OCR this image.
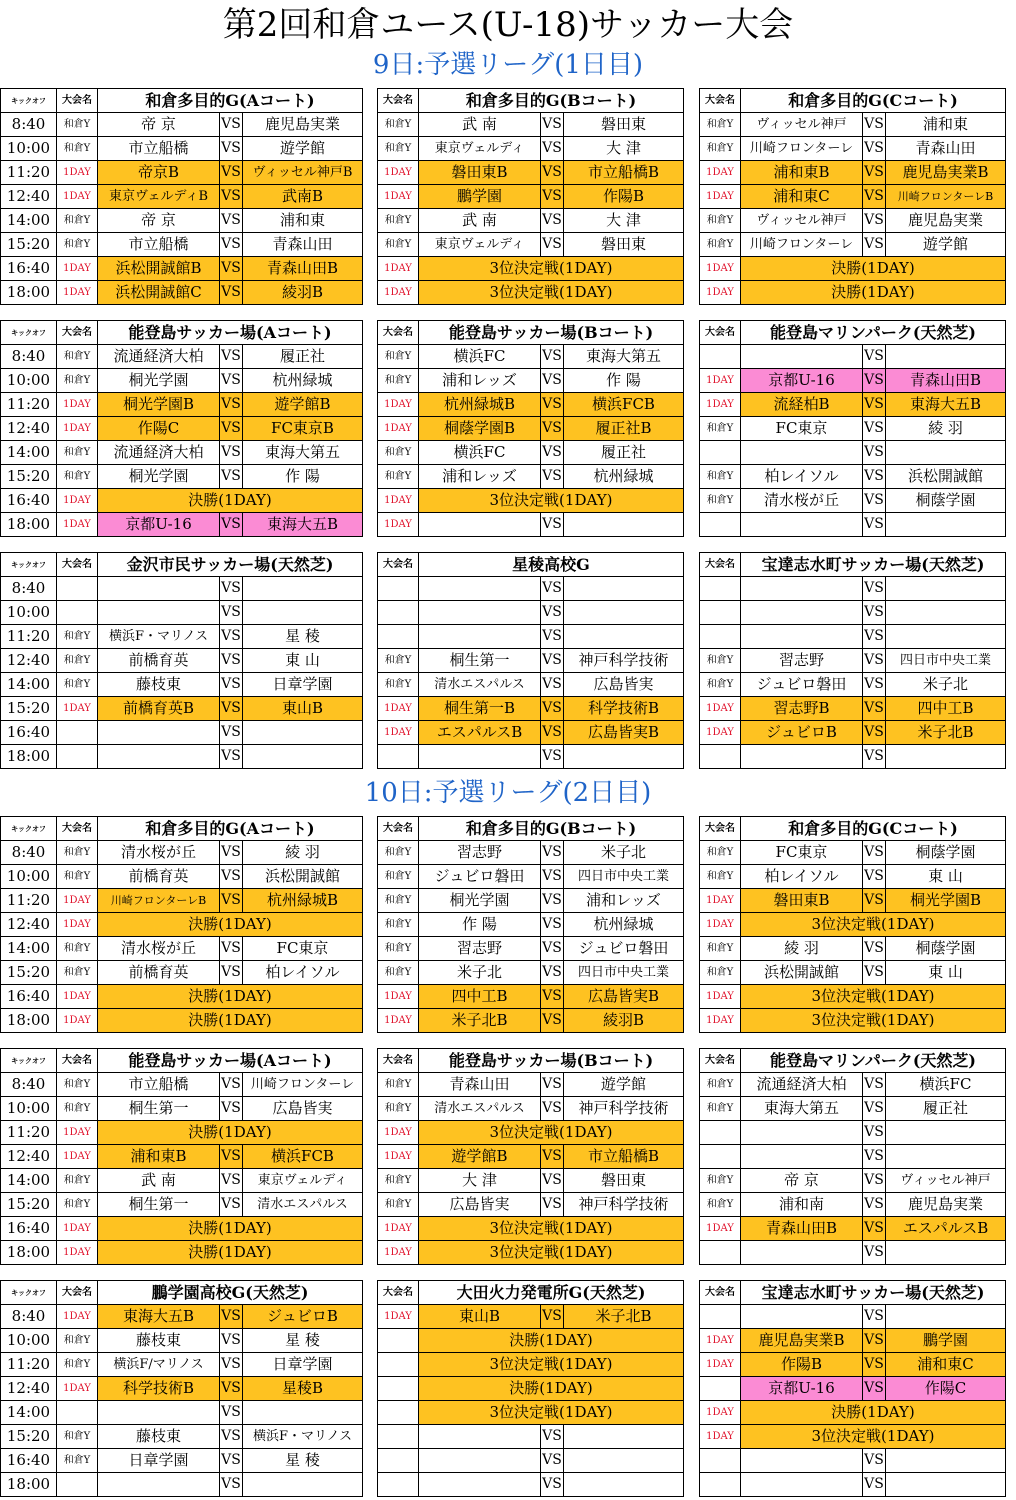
第2回和倉ユース(U-18)サッカー大会
9日:予選リーグ(1日目)
10日:予選リーグ(2日目)
キックオフ	大会名	和倉多目的G(Aコート)		
8:40	和倉Y	帝 京	VS	鹿児島実業
10:00	和倉Y	市立船橋	VS	遊学館
11:20	1DAY	帝京B	VS	ヴィッセル神戸B
12:40	1DAY	東京ヴェルディB	VS	武南B
14:00	和倉Y	帝 京	VS	浦和東
15:20	和倉Y	市立船橋	VS	青森山田
16:40	1DAY	浜松開誠館B	VS	青森山田B
18:00	1DAY	浜松開誠館C	VS	綾羽B
大会名	和倉多目的G(Bコート)		
和倉Y	武 南	VS	磐田東
和倉Y	東京ヴェルディ	VS	大 津
1DAY	磐田東B	VS	市立船橋B
1DAY	鵬学園	VS	作陽B
和倉Y	武 南	VS	大 津
和倉Y	東京ヴェルディ	VS	磐田東
1DAY	3位決定戦(1DAY)		
1DAY	3位決定戦(1DAY)		
大会名	和倉多目的G(Cコート)		
和倉Y	ヴィッセル神戸	VS	浦和東
和倉Y	川崎フロンターレ	VS	青森山田
1DAY	浦和東B	VS	鹿児島実業B
1DAY	浦和東C	VS	川崎フロンターレB
和倉Y	ヴィッセル神戸	VS	鹿児島実業
和倉Y	川崎フロンターレ	VS	遊学館
1DAY	決勝(1DAY)		
1DAY	決勝(1DAY)		
キックオフ	大会名	能登島サッカー場(Aコート)		
8:40	和倉Y	流通経済大柏	VS	履正社
10:00	和倉Y	桐光学園	VS	杭州緑城
11:20	1DAY	桐光学園B	VS	遊学館B
12:40	1DAY	作陽C	VS	FC東京B
14:00	和倉Y	流通経済大柏	VS	東海大第五
15:20	和倉Y	桐光学園	VS	作 陽
16:40	1DAY	決勝(1DAY)		
18:00	1DAY	京都U-16	VS	東海大五B
大会名	能登島サッカー場(Bコート)		
和倉Y	横浜FC	VS	東海大第五
和倉Y	浦和レッズ	VS	作 陽
1DAY	杭州緑城B	VS	横浜FCB
1DAY	桐蔭学園B	VS	履正社B
和倉Y	横浜FC	VS	履正社
和倉Y	浦和レッズ	VS	杭州緑城
1DAY	3位決定戦(1DAY)		
1DAY		VS	
大会名	能登島マリンパーク(天然芝)		
		VS	
1DAY	京都U-16	VS	青森山田B
1DAY	流経柏B	VS	東海大五B
和倉Y	FC東京	VS	綾 羽
		VS	
和倉Y	柏レイソル	VS	浜松開誠館
和倉Y	清水桜が丘	VS	桐蔭学園
		VS	
キックオフ	大会名	金沢市民サッカー場(天然芝)		
8:40			VS	
10:00			VS	
11:20	和倉Y	横浜F・マリノス	VS	星 稜
12:40	和倉Y	前橋育英	VS	東 山
14:00	和倉Y	藤枝東	VS	日章学園
15:20	1DAY	前橋育英B	VS	東山B
16:40			VS	
18:00			VS	
大会名	星稜高校G		
		VS	
		VS	
		VS	
和倉Y	桐生第一	VS	神戸科学技術
和倉Y	清水エスパルス	VS	広島皆実
1DAY	桐生第一B	VS	科学技術B
1DAY	エスパルスB	VS	広島皆実B
		VS	
大会名	宝達志水町サッカー場(天然芝)		
		VS	
		VS	
		VS	
和倉Y	習志野	VS	四日市中央工業
和倉Y	ジュビロ磐田	VS	米子北
1DAY	習志野B	VS	四中工B
1DAY	ジュビロB	VS	米子北B
		VS	
キックオフ	大会名	和倉多目的G(Aコート)		
8:40	和倉Y	清水桜が丘	VS	綾 羽
10:00	和倉Y	前橋育英	VS	浜松開誠館
11:20	1DAY	川崎フロンターレB	VS	杭州緑城B
12:40	1DAY	決勝(1DAY)		
14:00	和倉Y	清水桜が丘	VS	FC東京
15:20	和倉Y	前橋育英	VS	柏レイソル
16:40	1DAY	決勝(1DAY)		
18:00	1DAY	決勝(1DAY)		
大会名	和倉多目的G(Bコート)		
和倉Y	習志野	VS	米子北
和倉Y	ジュビロ磐田	VS	四日市中央工業
和倉Y	桐光学園	VS	浦和レッズ
和倉Y	作 陽	VS	杭州緑城
和倉Y	習志野	VS	ジュビロ磐田
和倉Y	米子北	VS	四日市中央工業
1DAY	四中工B	VS	広島皆実B
1DAY	米子北B	VS	綾羽B
大会名	和倉多目的G(Cコート)		
和倉Y	FC東京	VS	桐蔭学園
和倉Y	柏レイソル	VS	東 山
1DAY	磐田東B	VS	桐光学園B
1DAY	3位決定戦(1DAY)		
和倉Y	綾 羽	VS	桐蔭学園
和倉Y	浜松開誠館	VS	東 山
1DAY	3位決定戦(1DAY)		
1DAY	3位決定戦(1DAY)		
キックオフ	大会名	能登島サッカー場(Aコート)		
8:40	和倉Y	市立船橋	VS	川崎フロンターレ
10:00	和倉Y	桐生第一	VS	広島皆実
11:20	1DAY	決勝(1DAY)		
12:40	1DAY	浦和東B	VS	横浜FCB
14:00	和倉Y	武 南	VS	東京ヴェルディ
15:20	和倉Y	桐生第一	VS	清水エスパルス
16:40	1DAY	決勝(1DAY)		
18:00	1DAY	決勝(1DAY)		
大会名	能登島サッカー場(Bコート)		
和倉Y	青森山田	VS	遊学館
和倉Y	清水エスパルス	VS	神戸科学技術
1DAY	3位決定戦(1DAY)		
1DAY	遊学館B	VS	市立船橋B
和倉Y	大 津	VS	磐田東
和倉Y	広島皆実	VS	神戸科学技術
1DAY	3位決定戦(1DAY)		
1DAY	3位決定戦(1DAY)		
大会名	能登島マリンパーク(天然芝)		
和倉Y	流通経済大柏	VS	横浜FC
和倉Y	東海大第五	VS	履正社
		VS	
		VS	
和倉Y	帝 京	VS	ヴィッセル神戸
和倉Y	浦和南	VS	鹿児島実業
1DAY	青森山田B	VS	エスパルスB
		VS	
キックオフ	大会名	鵬学園高校G(天然芝)		
8:40	1DAY	東海大五B	VS	ジュビロB
10:00	和倉Y	藤枝東	VS	星 稜
11:20	和倉Y	横浜F/マリノス	VS	日章学園
12:40	1DAY	科学技術B	VS	星稜B
14:00			VS	
15:20	和倉Y	藤枝東	VS	横浜F・マリノス
16:40	和倉Y	日章学園	VS	星 稜
18:00			VS	
大会名	大田火力発電所G(天然芝)		
1DAY	東山B	VS	米子北B
	決勝(1DAY)		
	3位決定戦(1DAY)		
	決勝(1DAY)		
	3位決定戦(1DAY)		
		VS	
		VS	
		VS	
大会名	宝達志水町サッカー場(天然芝)		
		VS	
1DAY	鹿児島実業B	VS	鵬学園
1DAY	作陽B	VS	浦和東C
	京都U-16	VS	作陽C
1DAY	決勝(1DAY)		
1DAY	3位決定戦(1DAY)		
		VS	
		VS	
